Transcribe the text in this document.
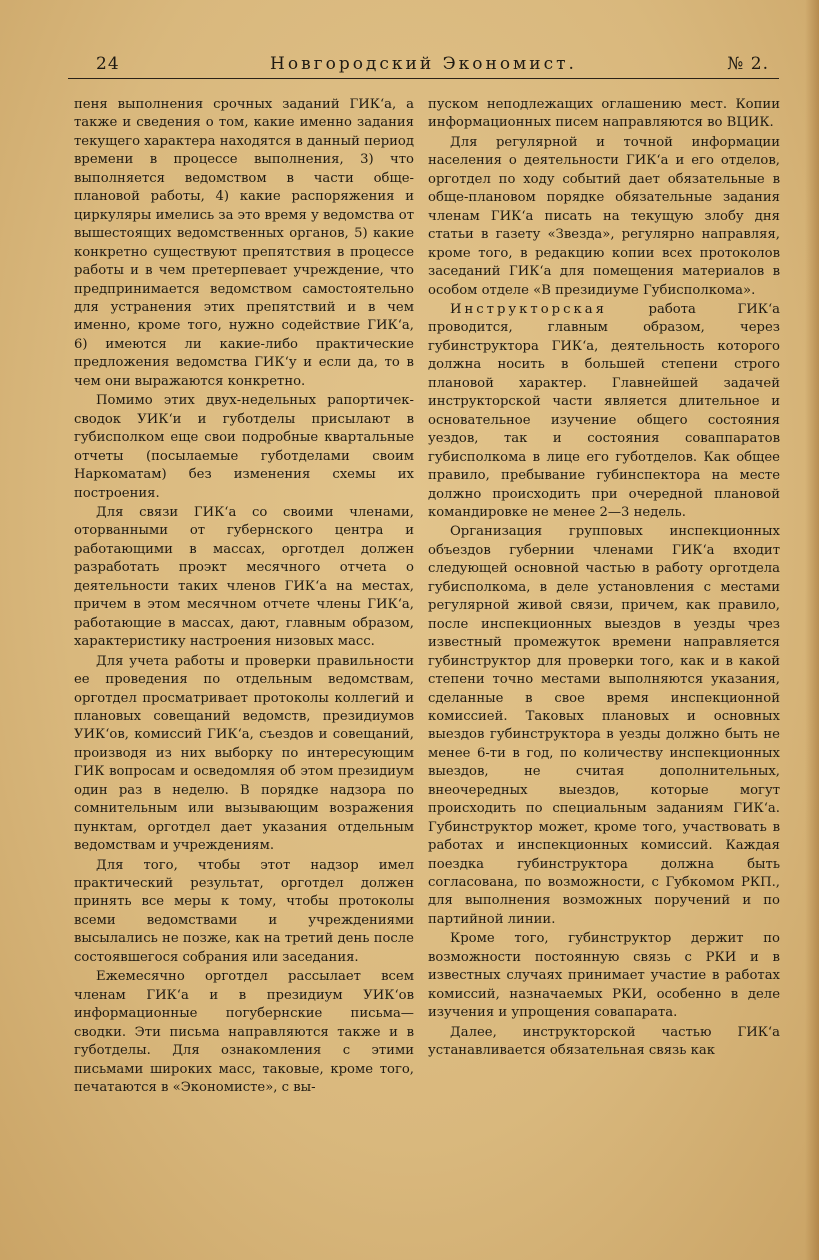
24	Новгородский Экономист.	№ 2.

пеня выполнения срочных заданий ГИК‘а, а также и сведения о том, какие именно задания текущего характера находятся в данный период времени в процессе выполнения, 3) что выполняется ведомством в части обще-плановой работы, 4) какие распоряжения и циркуляры имелись за это время у ведомства от вышестоящих ведомственных органов, 5) какие конкретно существуют препятствия в процессе работы и в чем претерпевает учреждение, что предпринимается ведомством самостоятельно для устранения этих препятствий и в чем именно, кроме того, нужно содействие ГИК‘а, 6) имеются ли какие-либо практические предложения ведомства ГИК‘у и если да, то в чем они выражаются конкретно.

Помимо этих двух-недельных рапортичек-сводок УИК‘и и губотделы присылают в губисполком еще свои подробные квартальные отчеты (посылаемые губотделами своим Наркоматам) без изменения схемы их построения.

Для связи ГИК‘а со своими членами, оторванными от губернского центра и работающими в массах, орготдел должен разработать проэкт месячного отчета о деятельности таких членов ГИК‘а на местах, причем в этом месячном отчете члены ГИК‘а, работающие в массах, дают, главным образом, характеристику настроения низовых масс.

Для учета работы и проверки правильности ее проведения по отдельным ведомствам, орготдел просматривает протоколы коллегий и плановых совещаний ведомств, президиумов УИК‘ов, комиссий ГИК‘а, съездов и совещаний, производя из них выборку по интересующим ГИК вопросам и осведомляя об этом президиум один раз в неделю. В порядке надзора по сомнительным или вызывающим возражения пунктам, орготдел дает указания отдельным ведомствам и учреждениям.

Для того, чтобы этот надзор имел практический результат, орготдел должен принять все меры к тому, чтобы протоколы всеми ведомствами и учреждениями высылались не позже, как на третий день после состоявшегося собрания или заседания.

Ежемесячно орготдел рассылает всем членам ГИК‘а и в президиум УИК‘ов информационные погубернские письма—сводки. Эти письма направляются также и в губотделы. Для ознакомления с этими письмами широких масс, таковые, кроме того, печатаются в «Экономисте», с вы-

пуском неподлежащих оглашению мест. Копии информационных писем направляются во ВЦИК.

Для регулярной и точной информации населения о деятельности ГИК‘а и его отделов, орготдел по ходу событий дает обязательные в обще-плановом порядке обязательные задания членам ГИК‘а писать на текущую злобу дня статьи в газету «Звезда», регулярно направляя, кроме того, в редакцию копии всех протоколов заседаний ГИК‘а для помещения материалов в особом отделе «В президиуме Губисполкома».

Инструкторская работа ГИК‘а проводится, главным образом, через губинструктора ГИК‘а, деятельность которого должна носить в большей степени строго плановой характер. Главнейшей задачей инструкторской части является длительное и основательное изучение общего состояния уездов, так и состояния соваппаратов губисполкома в лице его губотделов. Как общее правило, пребывание губинспектора на месте должно происходить при очередной плановой командировке не менее 2—3 недель.

Организация групповых инспекционных объездов губернии членами ГИК‘а входит следующей основной частью в работу орготдела губисполкома, в деле установления с местами регулярной живой связи, причем, как правило, после инспекционных выездов в уезды чрез известный промежуток времени направляется губинструктор для проверки того, как и в какой степени точно местами выполняются указания, сделанные в свое время инспекционной комиссией. Таковых плановых и основных выездов губинструктора в уезды должно быть не менее 6-ти в год, по количеству инспекционных выездов, не считая дополнительных, внеочередных выездов, которые могут происходить по специальным заданиям ГИК‘а. Губинструктор может, кроме того, участвовать в работах и инспекционных комиссий. Каждая поездка губинструктора должна быть согласована, по возможности, с Губкомом РКП., для выполнения возможных поручений и по партийной линии.

Кроме того, губинструктор держит по возможности постоянную связь с РКИ и в известных случаях принимает участие в работах комиссий, назначаемых РКИ, особенно в деле изучения и упрощения совапарата.

Далее, инструкторской частью ГИК‘а устанавливается обязательная связь как
